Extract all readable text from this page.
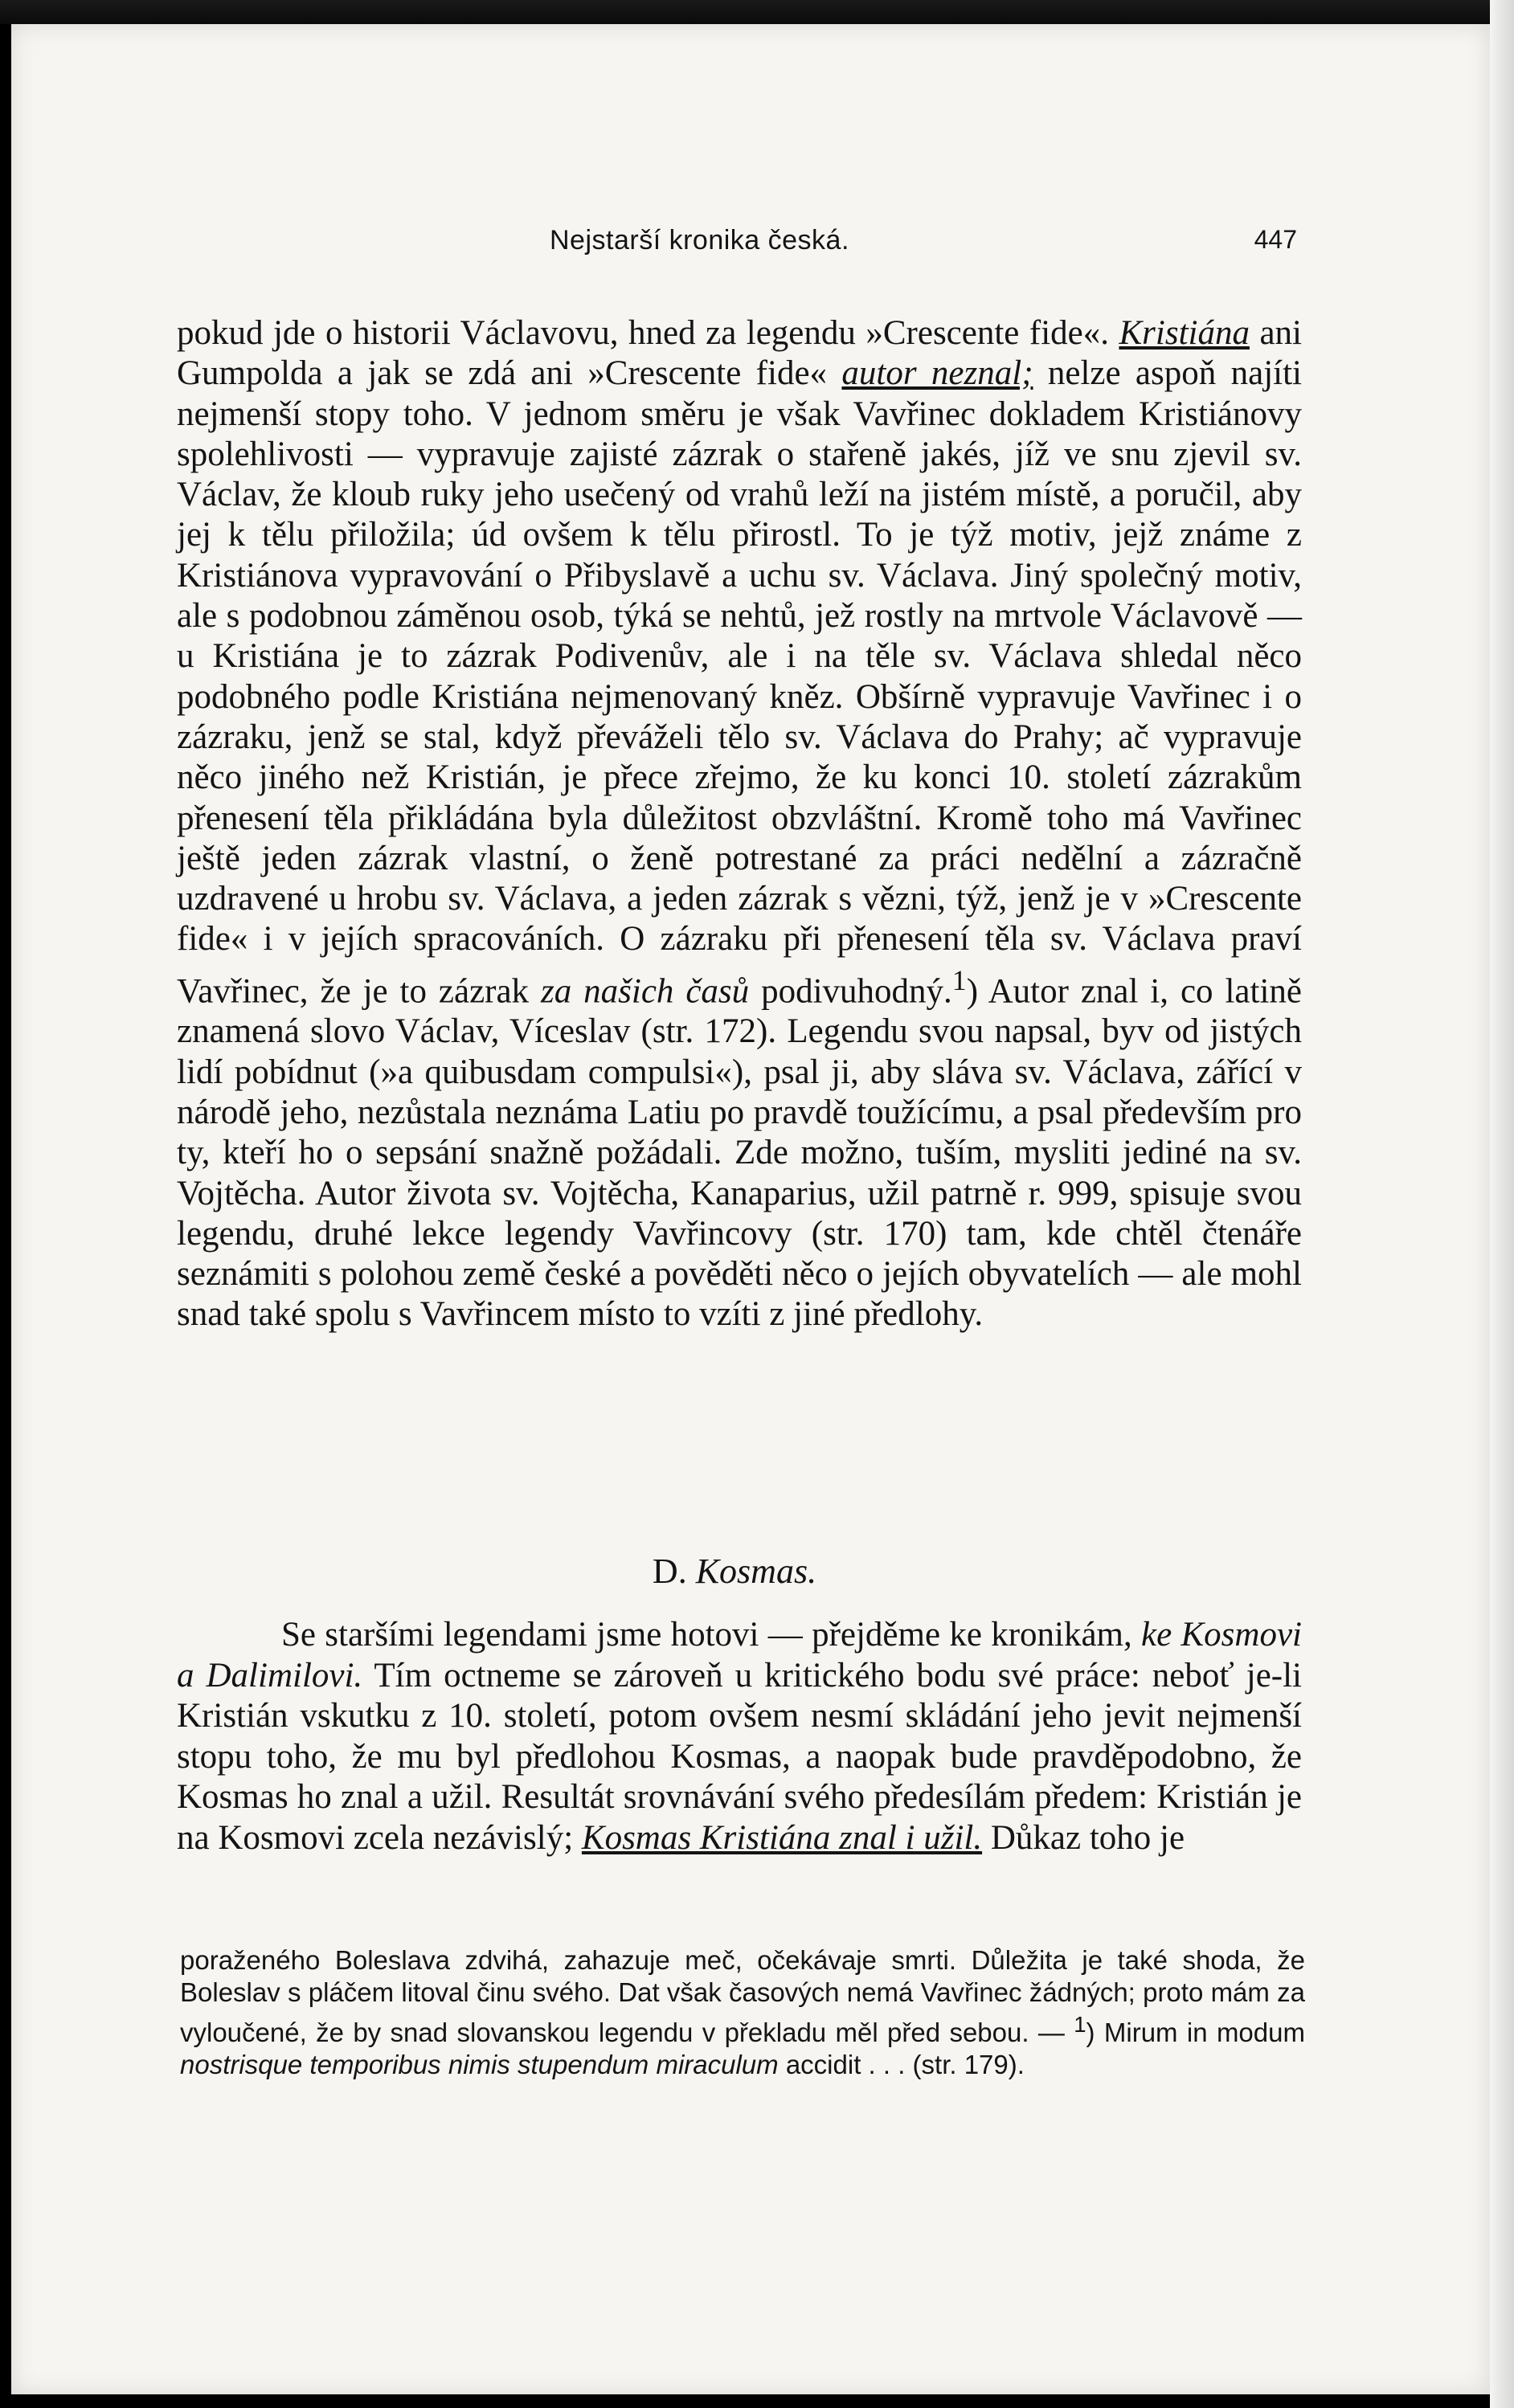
Nejstarší kronika česká.	447

pokud jde o historii Václavovu, hned za legendu »Crescente fide«. Kristiána ani Gumpolda a jak se zdá ani »Crescente fide« autor neznal; nelze aspoň najíti nejmenší stopy toho. V jednom směru je však Vavřinec dokladem Kristiánovy spolehlivosti — vypravuje zajisté zázrak o stařeně jakés, jíž ve snu zjevil sv. Václav, že kloub ruky jeho usečený od vrahů leží na jistém místě, a poručil, aby jej k tělu přiložila; úd ovšem k tělu přirostl. To je týž motiv, jejž známe z Kristiánova vypravování o Přibyslavě a uchu sv. Václava. Jiný společný motiv, ale s podobnou záměnou osob, týká se nehtů, jež rostly na mrtvole Václavově — u Kristiána je to zázrak Podivenův, ale i na těle sv. Václava shledal něco podobného podle Kristiána nejmenovaný kněz. Obšírně vypravuje Vavřinec i o zázraku, jenž se stal, když převáželi tělo sv. Václava do Prahy; ač vypravuje něco jiného než Kristián, je přece zřejmo, že ku konci 10. století zázrakům přenesení těla přikládána byla důležitost obzvláštní. Kromě toho má Vavřinec ještě jeden zázrak vlastní, o ženě potrestané za práci nedělní a zázračně uzdravené u hrobu sv. Václava, a jeden zázrak s vězni, týž, jenž je v »Crescente fide« i v jejích spracováních. O zázraku při přenesení těla sv. Václava praví Vavřinec, že je to zázrak za našich časů podivuhodný.$^1$) Autor znal i, co latině znamená slovo Václav, Víceslav (str. 172). Legendu svou napsal, byv od jistých lidí pobídnut (»a quibusdam compulsi«), psal ji, aby sláva sv. Václava, zářící v národě jeho, nezůstala neznáma Latiu po pravdě toužícímu, a psal především pro ty, kteří ho o sepsání snažně požádali. Zde možno, tuším, mysliti jediné na sv. Vojtěcha. Autor života sv. Vojtěcha, Kanaparius, užil patrně r. 999, spisuje svou legendu, druhé lekce legendy Vavřincovy (str. 170) tam, kde chtěl čtenáře seznámiti s polohou země české a pověděti něco o jejích obyvatelích — ale mohl snad také spolu s Vavřincem místo to vzíti z jiné předlohy.

D. Kosmas.

Se staršími legendami jsme hotovi — přejděme ke kronikám, ke Kosmovi a Dalimilovi. Tím octneme se zároveň u kritického bodu své práce: neboť je-li Kristián vskutku z 10. století, potom ovšem nesmí skládání jeho jevit nejmenší stopu toho, že mu byl předlohou Kosmas, a naopak bude pravděpodobno, že Kosmas ho znal a užil. Resultát srovnávání svého předesílám předem: Kristián je na Kosmovi zcela nezávislý; Kosmas Kristiána znal i užil. Důkaz toho je

poraženého Boleslava zdvihá, zahazuje meč, očekávaje smrti. Důležita je také shoda, že Boleslav s pláčem litoval činu svého. Dat však časových nemá Vavřinec žádných; proto mám za vyloučené, že by snad slovanskou legendu v překladu měl před sebou. — $^1$) Mirum in modum nostrisque temporibus nimis stupendum miraculum accidit . . . (str. 179).
